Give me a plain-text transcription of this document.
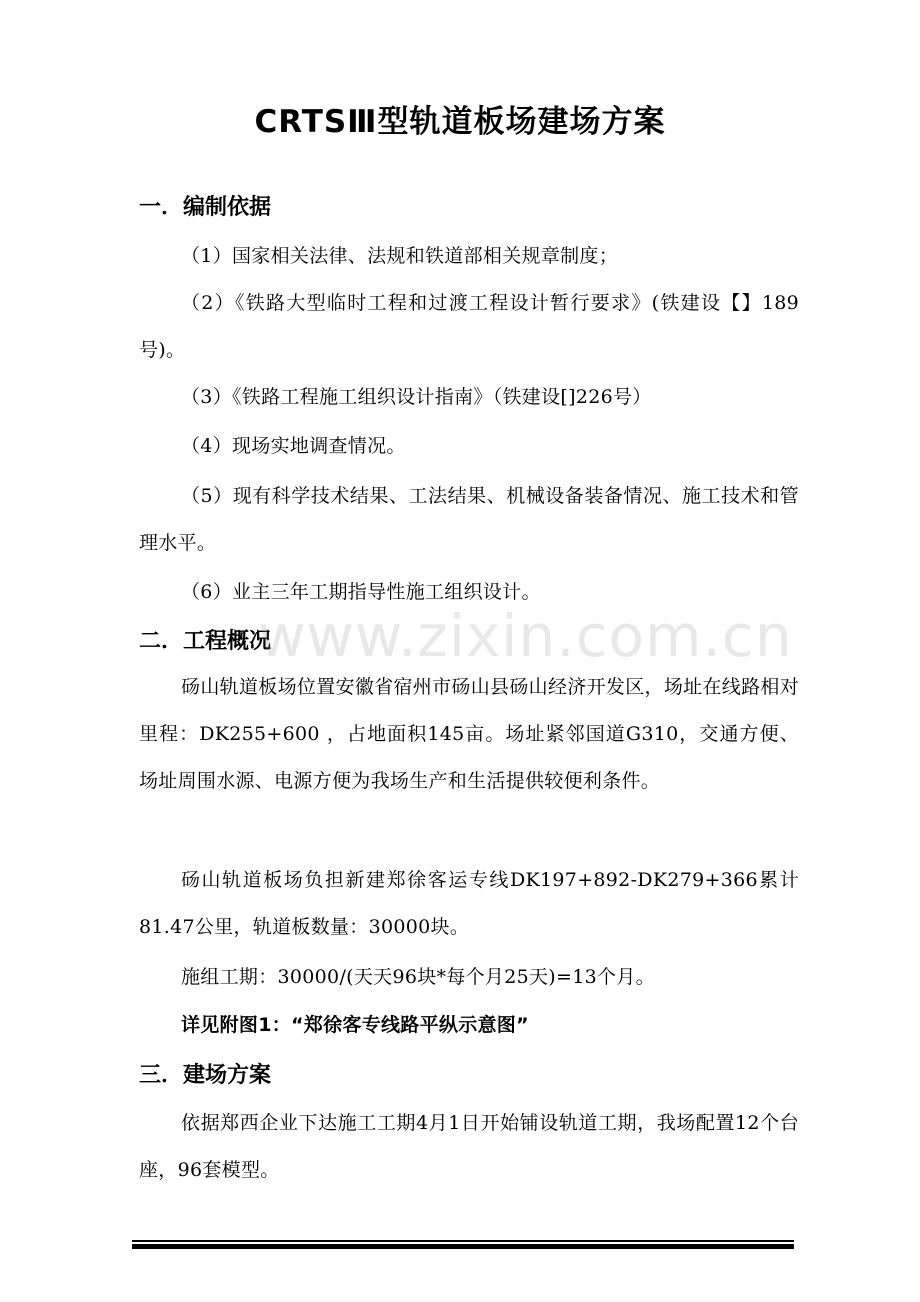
CRTSⅢ型轨道板场建场方案
一．编制依据
（1）国家相关法律、法规和铁道部相关规章制度；
（2）《铁路大型临时工程和过渡工程设计暂行要求》(铁建设【】189号)。
（3）《铁路工程施工组织设计指南》（铁建设[]226号）
（4）现场实地调查情况。
（5）现有科学技术结果、工法结果、机械设备装备情况、施工技术和管理水平。
（6）业主三年工期指导性施工组织设计。
二．工程概况
砀山轨道板场位置安徽省宿州市砀山县砀山经济开发区，场址在线路相对里程：DK255+600 ，占地面积145亩。场址紧邻国道G310，交通方便、场址周围水源、电源方便为我场生产和生活提供较便利条件。
砀山轨道板场负担新建郑徐客运专线DK197+892-DK279+366累计81.47公里，轨道板数量：30000块。
施组工期：30000/(天天96块*每个月25天)=13个月。
详见附图1：“郑徐客专线路平纵示意图”
三．建场方案
依据郑西企业下达施工工期4月1日开始铺设轨道工期，我场配置12个台座，96套模型。
www.zixin.com.cn
